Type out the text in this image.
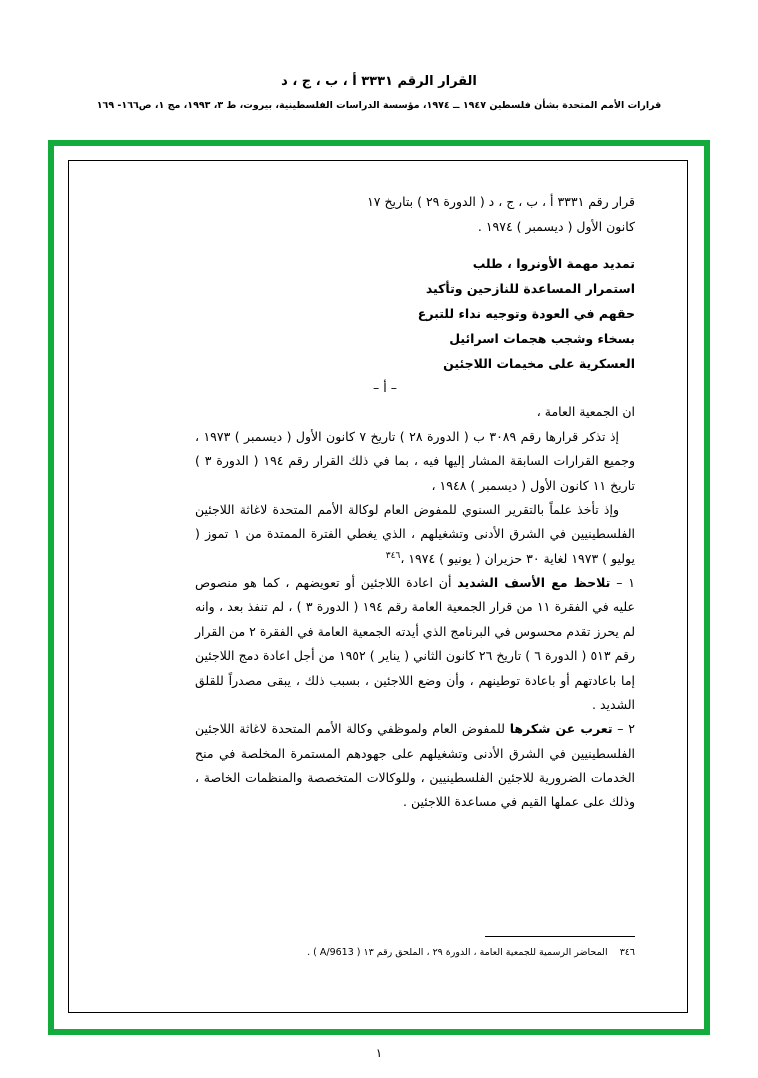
القرار الرقم ٣٣٣١ أ ، ب ، ج ، د
قرارات الأمم المتحدة بشأن فلسطين ١٩٤٧ ــ ١٩٧٤، مؤسسة الدراسات الفلسطينية، بيروت، ط ٣، ١٩٩٣، مج ١، ص١٦٦- ١٦٩

قرار رقم ٣٣٣١ أ ، ب ، ج ، د ( الدورة ٢٩ ) بتاريخ ١٧

كانون الأول ( ديسمبر ) ١٩٧٤ .

تمديد مهمة الأونروا ، طلب
استمرار المساعدة للنازحين وتأكيد
حقهم في العودة وتوجيه نداء للتبرع
بسخاء وشجب هجمات اسرائيل
العسكرية على مخيمات اللاجئين

– أ –

ان الجمعية العامة ،

إذ تذكر قرارها رقم ٣٠٨٩ ب ( الدورة ٢٨ ) تاريخ ٧ كانون الأول ( ديسمبر ) ١٩٧٣ ، وجميع القرارات السابقة المشار إليها فيه ، بما في ذلك القرار رقم ١٩٤ ( الدورة ٣ ) تاريخ ١١ كانون الأول ( ديسمبر ) ١٩٤٨ ،

وإذ تأخذ علماً بالتقرير السنوي للمفوض العام لوكالة الأمم المتحدة لاغاثة اللاجئين الفلسطينيين في الشرق الأدنى وتشغيلهم ، الذي يغطي الفترة الممتدة من ١ تموز ( يوليو ) ١٩٧٣ لغاية ٣٠ حزيران ( يونيو ) ١٩٧٤ ،$^{٣٤٦}$

١ – تلاحظ مع الأسف الشديد أن اعادة اللاجئين أو تعويضهم ، كما هو منصوص عليه في الفقرة ١١ من قرار الجمعية العامة رقم ١٩٤ ( الدورة ٣ ) ، لم تنفذ بعد ، وانه لم يحرز تقدم محسوس في البرنامج الذي أيدته الجمعية العامة في الفقرة ٢ من القرار رقم ٥١٣ ( الدورة ٦ ) تاريخ ٢٦ كانون الثاني ( يناير ) ١٩٥٢ من أجل اعادة دمج اللاجئين إما باعادتهم أو باعادة توطينهم ، وأن وضع اللاجئين ، بسبب ذلك ، يبقى مصدراً للقلق الشديد .

٢ – تعرب عن شكرها للمفوض العام ولموظفي وكالة الأمم المتحدة لاغاثة اللاجئين الفلسطينيين في الشرق الأدنى وتشغيلهم على جهودهم المستمرة المخلصة في منح الخدمات الضرورية للاجئين الفلسطينيين ، وللوكالات المتخصصة والمنظمات الخاصة ، وذلك على عملها القيم في مساعدة اللاجئين .

٣٤٦    المحاضر الرسمية للجمعية العامة ، الدورة ٢٩ ، الملحق رقم ١٣ ( A/9613 ) .
١
